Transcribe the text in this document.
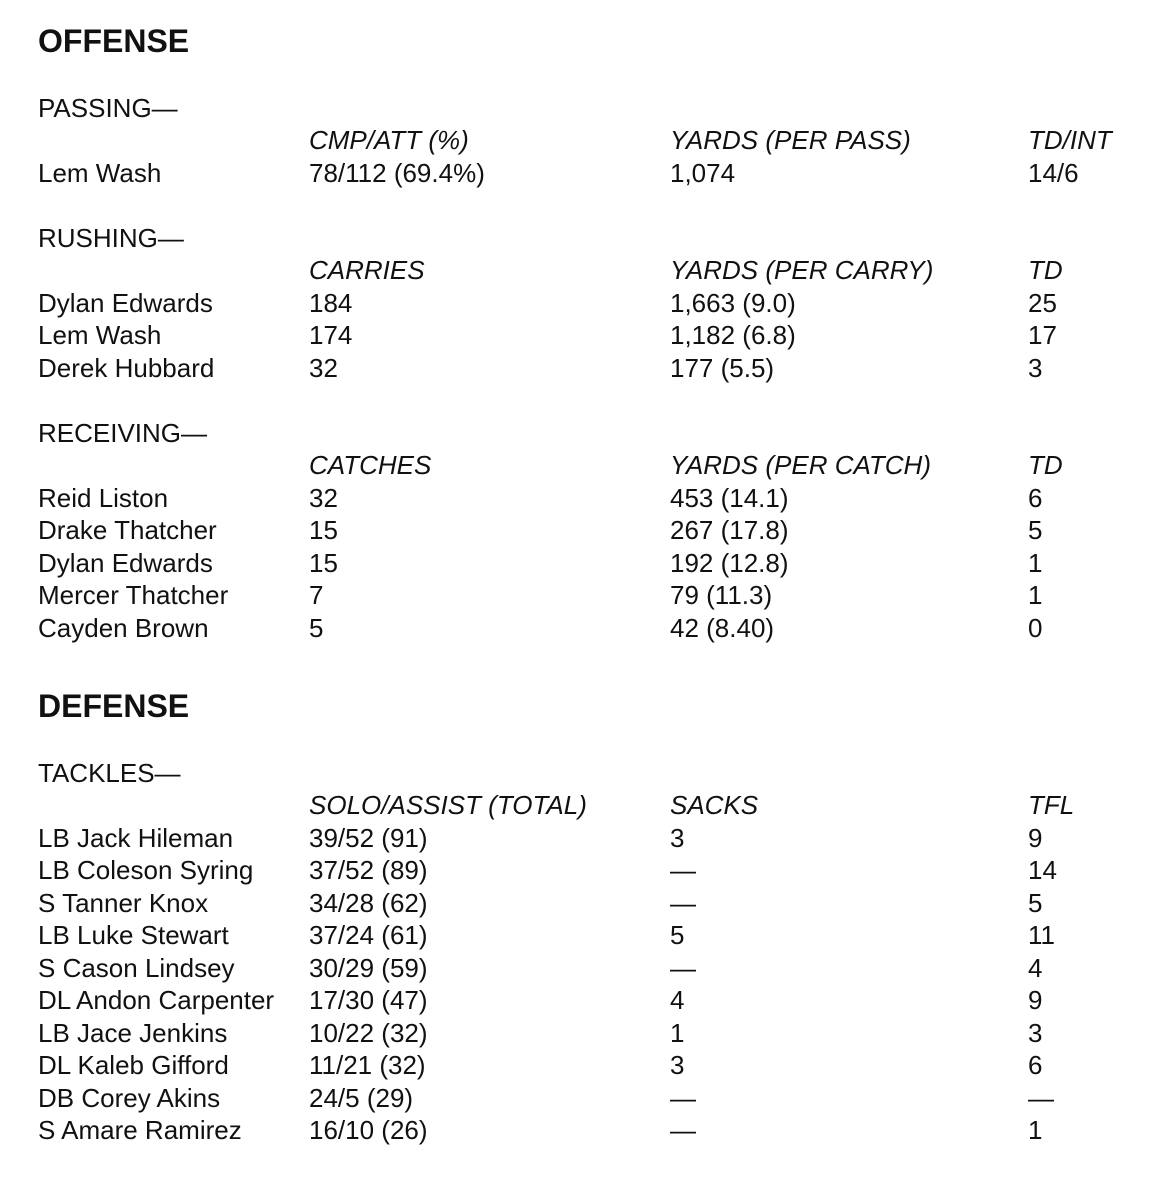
OFFENSE
PASSING—
CMP/ATT (%)	YARDS (PER PASS)	TD/INT
Lem Wash	78/112 (69.4%)	1,074	14/6
RUSHING—
CARRIES	YARDS (PER CARRY)	TD
Dylan Edwards	184	1,663 (9.0)	25
Lem Wash	174	1,182 (6.8)	17
Derek Hubbard	32	177 (5.5)	3
RECEIVING—
CATCHES	YARDS (PER CATCH)	TD
Reid Liston	32	453 (14.1)	6
Drake Thatcher	15	267 (17.8)	5
Dylan Edwards	15	192 (12.8)	1
Mercer Thatcher	7	79 (11.3)	1
Cayden Brown	5	42 (8.40)	0
DEFENSE
TACKLES—
SOLO/ASSIST (TOTAL)	SACKS	TFL
LB Jack Hileman	39/52 (91)	3	9
LB Coleson Syring 37/52 (89)	—	14
S Tanner Knox	34/28 (62)	—	5
LB Luke Stewart	37/24 (61)	5	11
S Cason Lindsey	30/29 (59)	—	4
DL Andon Carpenter 17/30 (47)	4	9
LB Jace Jenkins	10/22 (32)	1	3
DL Kaleb Gifford	11/21 (32)	3	6
DB Corey Akins	24/5 (29)	—	—
S Amare Ramirez	16/10 (26)	—	1
